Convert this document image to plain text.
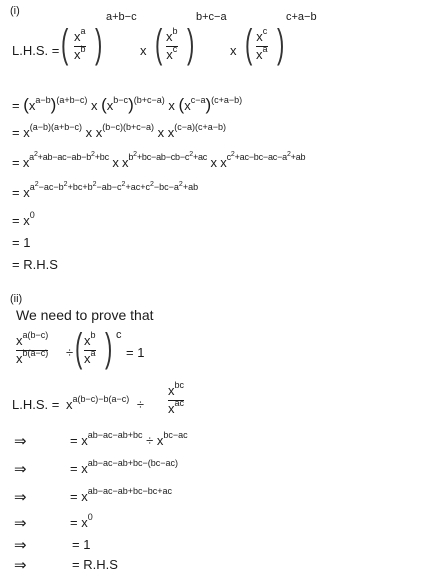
(i)
L.H.S. = ( $x^a$
$x^b$ )
a+b−c
x ( $x^b$
$x^c$ )
b+c−a
x ( $x^c$
$x^a$ )
c+a−b
= $(x^{a-b})^{(a+b-c)}$ x $(x^{b-c})^{(b+c-a)}$ x $(x^{c-a})^{(c+a-b)}$
= $x^{(a-b)(a+b-c)}$ x $x^{(b-c)(b+c-a)}$ x $x^{(c-a)(c+a-b)}$
= $x^{a^2+ab-ac-ab-b^2+bc}$ x $x^{b^2+bc-ab-cb-c^2+ac}$ x $x^{c^2+ac-bc-ac-a^2+ab}$
= $x^{a^2-ac-b^2+bc+b^2-ab-c^2+ac+c^2-bc-a^2+ab}$
= $x^0$
= 1
= R.H.S
(ii)
We need to prove that
$x^{a(b-c)}$
$x^{b(a-c)}$ ÷ ( $x^b$
$x^a$ ) c
= 1
L.H.S. = $x^{a(b-c)-b(a-c)}$ ÷
$x^{bc}$
$x^{ac}$
⇒	= $x^{ab-ac-ab+bc} \div x^{bc-ac}$
⇒	= $x^{ab-ac-ab+bc-(bc-ac)}$
⇒	= $x^{ab-ac-ab+bc-bc+ac}$
⇒	= $x^0$
⇒	= 1
⇒	= R.H.S
